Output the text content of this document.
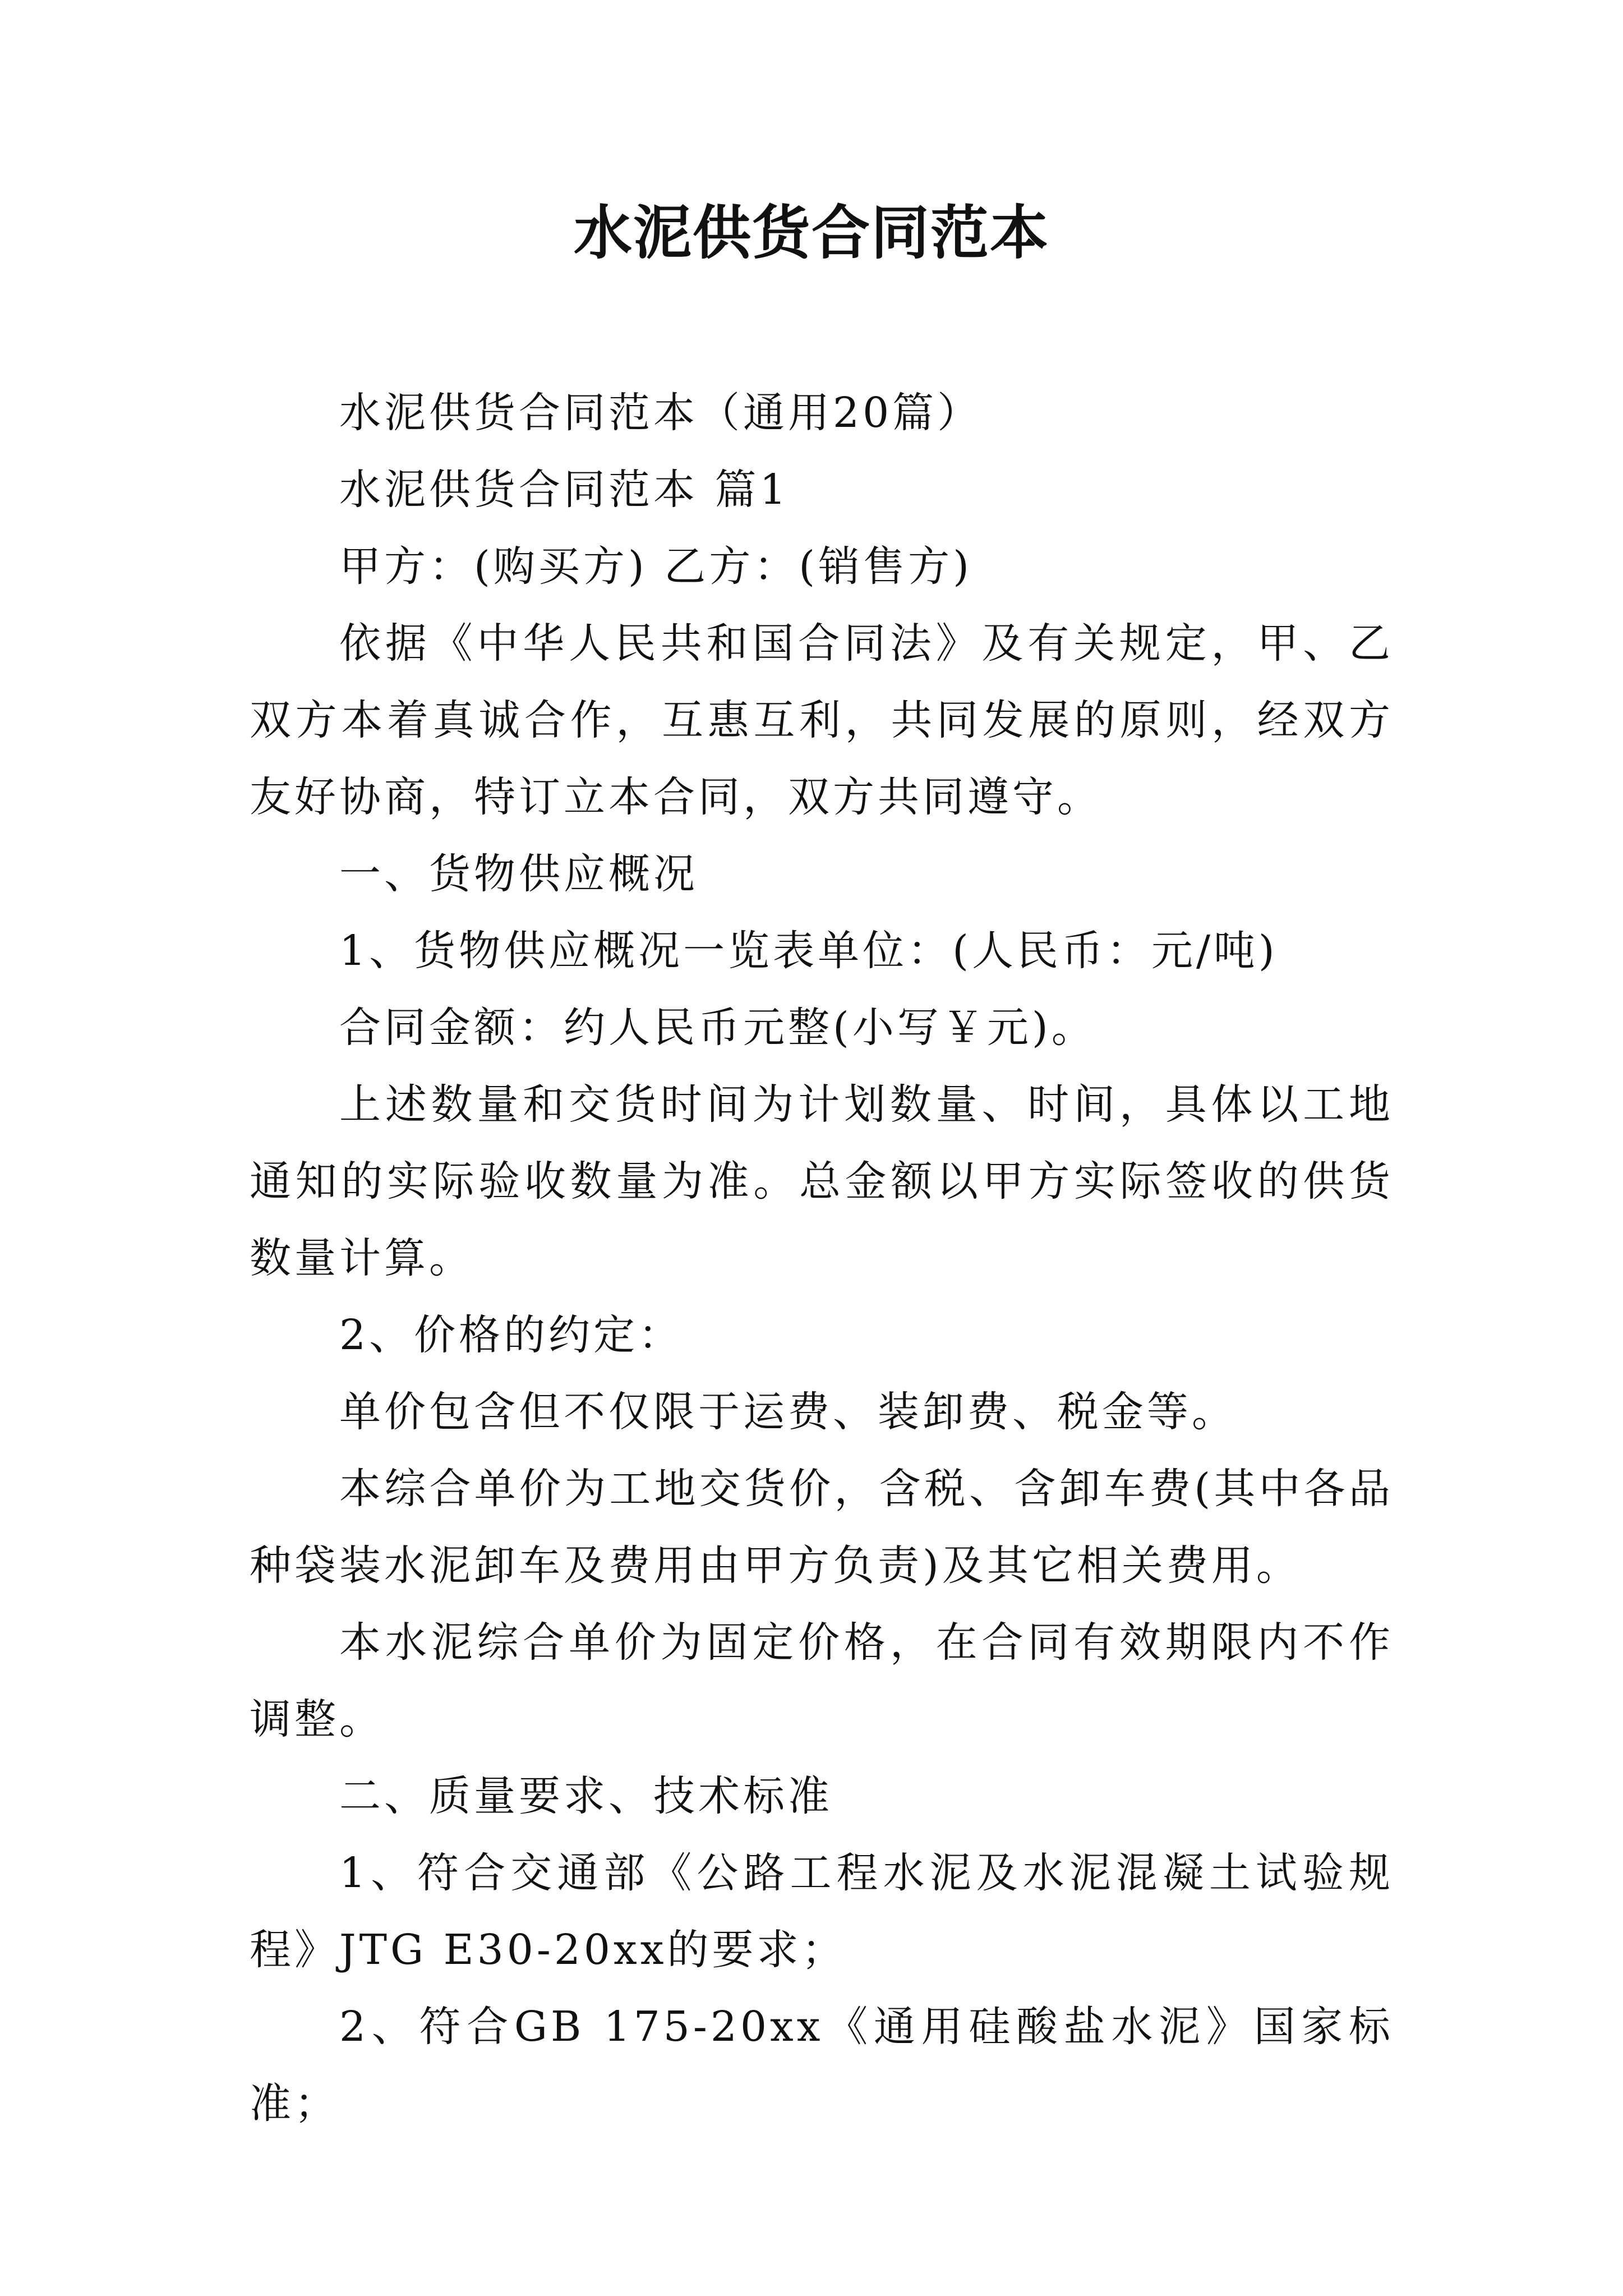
水泥供货合同范本

水泥供货合同范本（通用20篇）

水泥供货合同范本 篇1

甲方：(购买方) 乙方：(销售方)

依据《中华人民共和国合同法》及有关规定，甲、乙双方本着真诚合作，互惠互利，共同发展的原则，经双方友好协商，特订立本合同，双方共同遵守。

一、货物供应概况

1、货物供应概况一览表单位：(人民币：元/吨)

合同金额：约人民币元整(小写￥元)。

上述数量和交货时间为计划数量、时间，具体以工地通知的实际验收数量为准。总金额以甲方实际签收的供货数量计算。

2、价格的约定：

单价包含但不仅限于运费、装卸费、税金等。

本综合单价为工地交货价，含税、含卸车费(其中各品种袋装水泥卸车及费用由甲方负责)及其它相关费用。

本水泥综合单价为固定价格，在合同有效期限内不作调整。

二、质量要求、技术标准

1、符合交通部《公路工程水泥及水泥混凝土试验规程》JTG E30-20xx的要求；

2、符合GB 175-20xx《通用硅酸盐水泥》国家标准；
